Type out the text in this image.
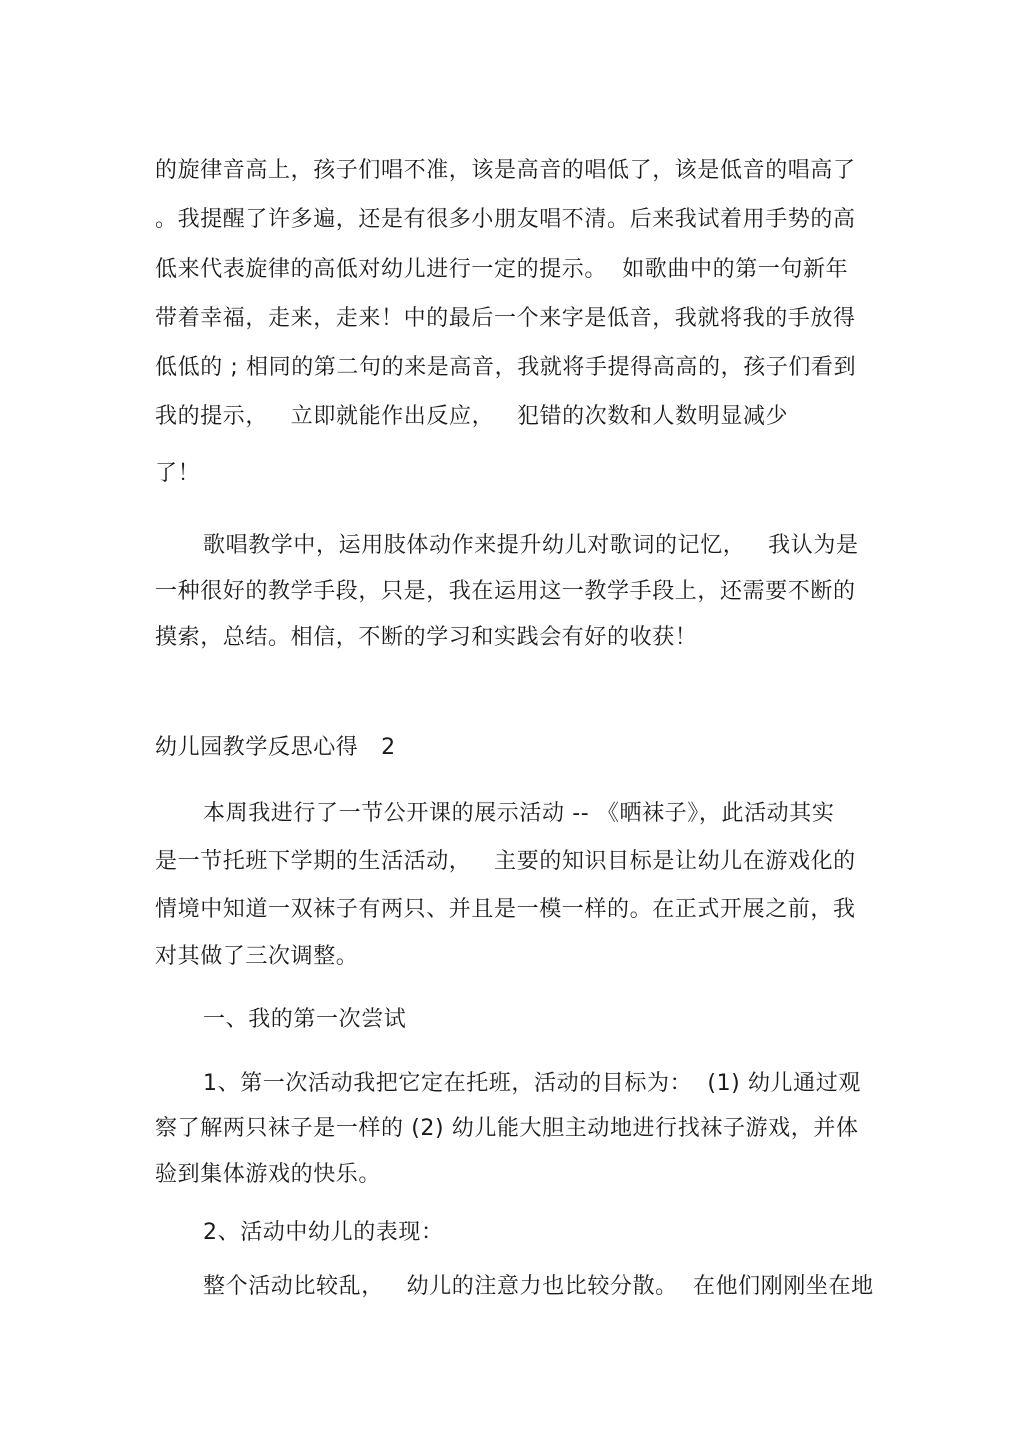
的旋律音高上，孩子们唱不准，该是高音的唱低了，该是低音的唱高了
。我提醒了许多遍，还是有很多小朋友唱不清。后来我试着用手势的高
低来代表旋律的高低对幼儿进行一定的提示。  如歌曲中的第一句新年
带着幸福，走来，走来！中的最后一个来字是低音，我就将我的手放得
低低的 ; 相同的第二句的来是高音，我就将手提得高高的，孩子们看到
我的提示，   立即就能作出反应，   犯错的次数和人数明显减少
了！
歌唱教学中，运用肢体动作来提升幼儿对歌词的记忆，   我认为是
一种很好的教学手段，只是，我在运用这一教学手段上，还需要不断的
摸索，总结。相信，不断的学习和实践会有好的收获！
幼儿园教学反思心得   2
本周我进行了一节公开课的展示活动 -- 《晒袜子》，此活动其实
是一节托班下学期的生活活动，   主要的知识目标是让幼儿在游戏化的
情境中知道一双袜子有两只、并且是一模一样的。在正式开展之前，我
对其做了三次调整。
一、我的第一次尝试
1、第一次活动我把它定在托班，活动的目标为：  (1) 幼儿通过观
察了解两只袜子是一样的 (2) 幼儿能大胆主动地进行找袜子游戏，并体
验到集体游戏的快乐。
2、活动中幼儿的表现：
整个活动比较乱，   幼儿的注意力也比较分散。  在他们刚刚坐在地
